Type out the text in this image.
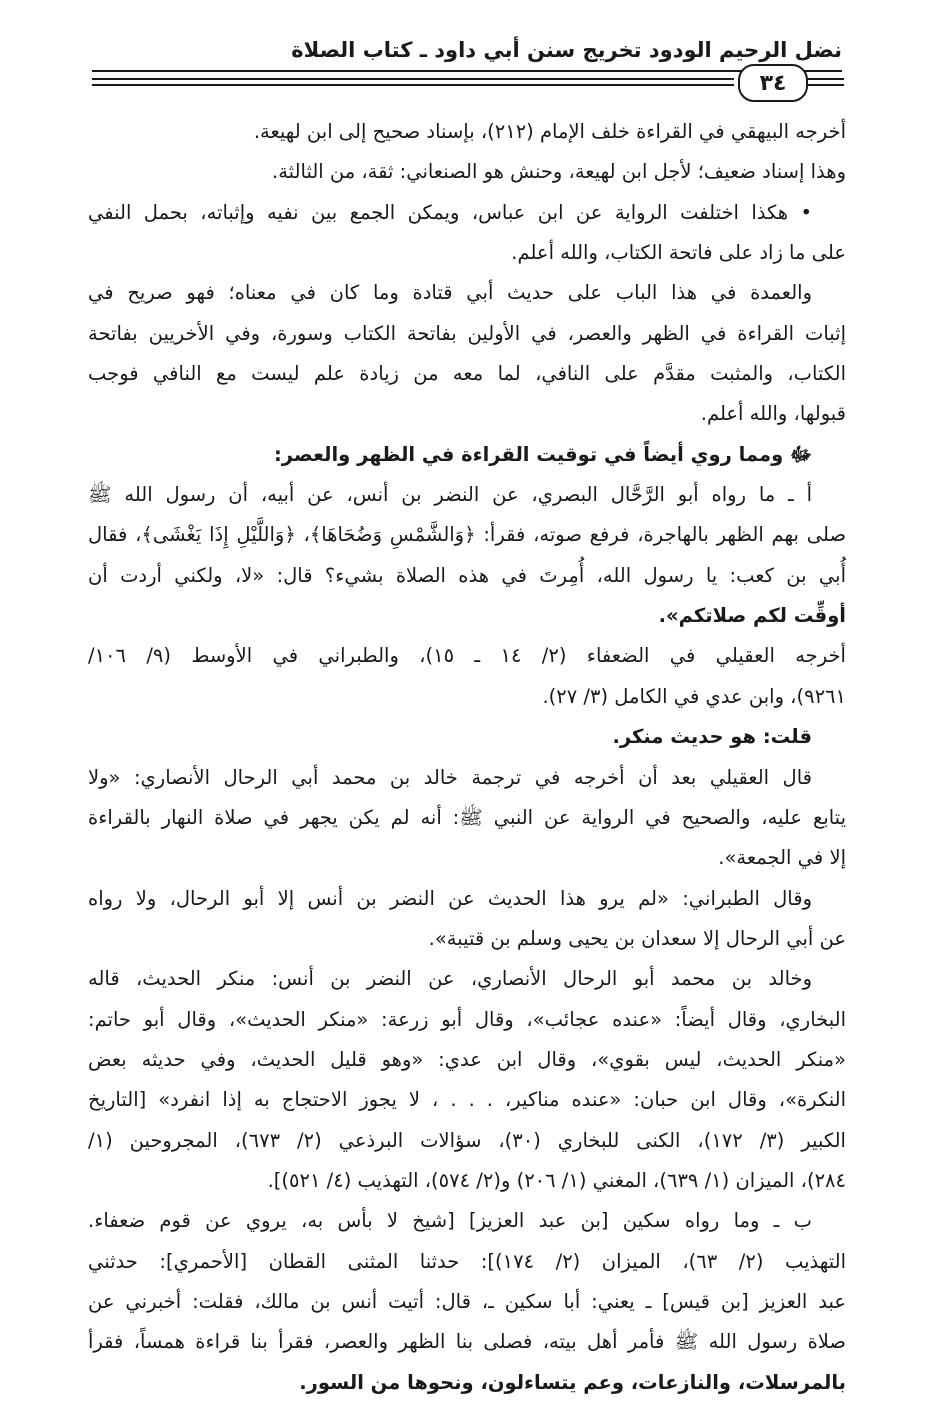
نضل الرحيم الودود تخريج سنن أبي داود ـ كتاب الصلاة
٣٤
أخرجه البيهقي في القراءة خلف الإمام (٢١٢)، بإسناد صحيح إلى ابن لهيعة.
وهذا إسناد ضعيف؛ لأجل ابن لهيعة، وحنش هو الصنعاني: ثقة، من الثالثة.
• هكذا اختلفت الرواية عن ابن عباس، ويمكن الجمع بين نفيه وإثباته، بحمل النفي
على ما زاد على فاتحة الكتاب، والله أعلم.
والعمدة في هذا الباب على حديث أبي قتادة وما كان في معناه؛ فهو صريح في
إثبات القراءة في الظهر والعصر، في الأولين بفاتحة الكتاب وسورة، وفي الأخريين بفاتحة
الكتاب، والمثبت مقدَّم على النافي، لما معه من زيادة علم ليست مع النافي فوجب
قبولها، والله أعلم.
ﷻ ومما روي أيضاً في توقيت القراءة في الظهر والعصر:
أ ـ ما رواه أبو الرَّحَّال البصري، عن النضر بن أنس، عن أبيه، أن رسول الله ﷺ
صلى بهم الظهر بالهاجرة، فرفع صوته، فقرأ: ﴿وَالشَّمْسِ وَضُحَاهَا﴾، ﴿وَاللَّيْلِ إِذَا يَغْشَى﴾، فقال
أُبي بن كعب: يا رسول الله، أُمِرتَ في هذه الصلاة بشيء؟ قال: «لا، ولكني أردت أن
أوقِّت لكم صلاتكم».
أخرجه العقيلي في الضعفاء (٢/ ١٤ ـ ١٥)، والطبراني في الأوسط (٩/ ١٠٦/
٩٢٦١)، وابن عدي في الكامل (٣/ ٢٧).
قلت: هو حديث منكر.
قال العقيلي بعد أن أخرجه في ترجمة خالد بن محمد أبي الرحال الأنصاري: «ولا
يتابع عليه، والصحيح في الرواية عن النبي ﷺ: أنه لم يكن يجهر في صلاة النهار بالقراءة
إلا في الجمعة».
وقال الطبراني: «لم يرو هذا الحديث عن النضر بن أنس إلا أبو الرحال، ولا رواه
عن أبي الرحال إلا سعدان بن يحيى وسلم بن قتيبة».
وخالد بن محمد أبو الرحال الأنصاري، عن النضر بن أنس: منكر الحديث، قاله
البخاري، وقال أيضاً: «عنده عجائب»، وقال أبو زرعة: «منكر الحديث»، وقال أبو حاتم:
«منكر الحديث، ليس بقوي»، وقال ابن عدي: «وهو قليل الحديث، وفي حديثه بعض
النكرة»، وقال ابن حبان: «عنده مناكير، . . . ، لا يجوز الاحتجاج به إذا انفرد» [التاريخ
الكبير (٣/ ١٧٢)، الكنى للبخاري (٣٠)، سؤالات البرذعي (٢/ ٦٧٣)، المجروحين (١/
٢٨٤)، الميزان (١/ ٦٣٩)، المغني (١/ ٢٠٦) و(٢/ ٥٧٤)، التهذيب (٤/ ٥٢١)].
ب ـ وما رواه سكين [بن عبد العزيز] [شيخ لا بأس به، يروي عن قوم ضعفاء.
التهذيب (٢/ ٦٣)، الميزان (٢/ ١٧٤)]: حدثنا المثنى القطان [الأحمري]: حدثني
عبد العزيز [بن قيس] ـ يعني: أبا سكين ـ، قال: أتيت أنس بن مالك، فقلت: أخبرني عن
صلاة رسول الله ﷺ فأمر أهل بيته، فصلى بنا الظهر والعصر، فقرأ بنا قراءة همساً، فقرأ
بالمرسلات، والنازعات، وعم يتساءلون، ونحوها من السور.
